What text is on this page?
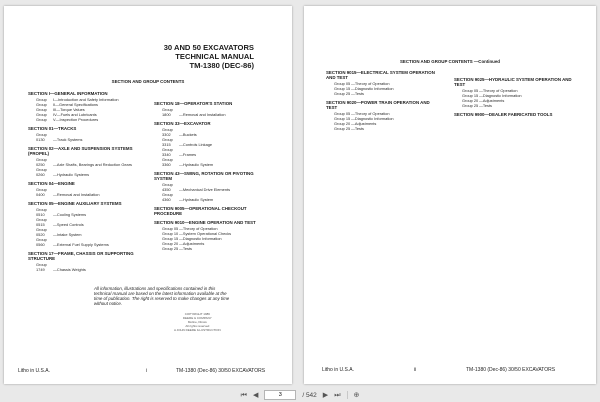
30 AND 50 EXCAVATORS
TECHNICAL MANUAL
TM-1380 (DEC-86)
SECTION AND GROUP CONTENTS
SECTION I—GENERAL INFORMATION
Group I—Introduction and Safety Information
Group II—General Specifications
Group III—Torque Values
Group IV—Fuels and Lubricants
Group V—Inspection Procedures
SECTION 01—TRACKS
Group 0130 —Track Systems
SECTION 02—AXLE AND SUSPENSION SYSTEMS (PROPEL)
Group 0250 —Axle Shafts, Bearings and Reduction Gears
Group 0260 —Hydraulic Systems
SECTION 04—ENGINE
Group 0400 —Removal and Installation
SECTION 05—ENGINE AUXILIARY SYSTEMS
Group 0510 —Cooling Systems
Group 0515 —Speed Controls
Group 0520 —Intake System
Group 0560 —External Fuel Supply Systems
SECTION 17—FRAME, CHASSIS OR SUPPORTING STRUCTURE
Group 1749 —Chassis Weights
SECTION 18—OPERATOR'S STATION
Group 1800 —Removal and Installation
SECTION 33—EXCAVATOR
Group 3302 —Buckets
Group 3315 —Controls Linkage
Group 3340 —Frames
Group 3360 —Hydraulic System
SECTION 43—SWING, ROTATION OR PIVOTING SYSTEM
Group 4350 —Mechanical Drive Elements
Group 4360 —Hydraulic System
SECTION 9005—OPERATIONAL CHECKOUT PROCEDURE
SECTION 9010—ENGINE OPERATION AND TEST
Group 05—Theory of Operation
Group 10—System Operational Checks
Group 15—Diagnostic Information
Group 20—Adjustments
Group 25—Tests
All information, illustrations and specifications contained in this
technical manual are based on the latest information available at the
time of publication. The right is reserved to make changes at any time
without notice.
COPYRIGHT 1986
DEERE & COMPANY
Moline, Illinois
All rights reserved
A JOHN DEERE ILLUSTRUCTION
Litho in U.S.A.	i	TM-1380 (Dec-86) 30/50 EXCAVATORS
SECTION AND GROUP CONTENTS —Continued
SECTION 9015—ELECTRICAL SYSTEM OPERATION AND TEST
Group 05—Theory of Operation
Group 15—Diagnostic Information
Group 25—Tests
SECTION 9020—POWER TRAIN OPERATION AND TEST
Group 05—Theory of Operation
Group 15—Diagnostic Information
Group 20—Adjustments
Group 25—Tests
SECTION 9025—HYDRAULIC SYSTEM OPERATION AND TEST
Group 05—Theory of Operation
Group 15—Diagnostic Information
Group 20—Adjustments
Group 25—Tests
SECTION 9900—DEALER FABRICATED TOOLS
Litho in U.S.A.	ii	TM-1380 (Dec-86) 30/50 EXCAVATORS
⏮ ◀
3	/ 542 ▶ ⏭ ⊕
